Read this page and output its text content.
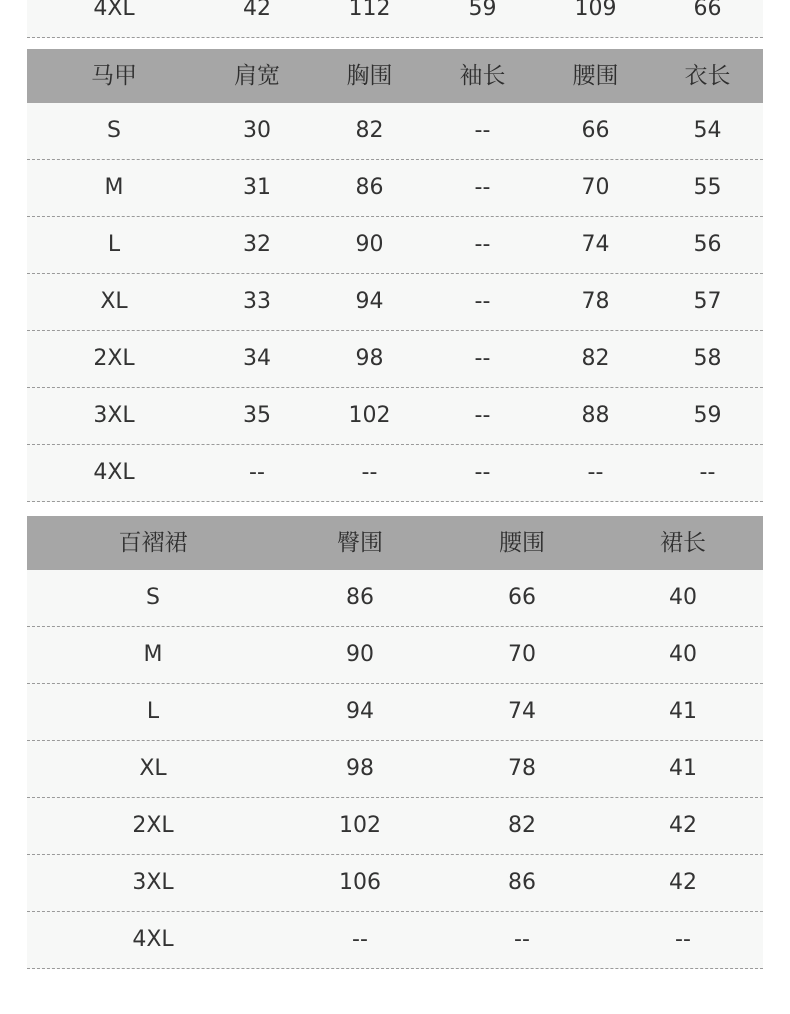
4XL	42	112	59	109	66
马甲	肩宽	胸围	袖长	腰围	衣长
S	30	82	--	66	54
M	31	86	--	70	55
L	32	90	--	74	56
XL	33	94	--	78	57
2XL	34	98	--	82	58
3XL	35	102	--	88	59
4XL	--	--	--	--	--
百褶裙	臀围	腰围	裙长
S	86	66	40
M	90	70	40
L	94	74	41
XL	98	78	41
2XL	102	82	42
3XL	106	86	42
4XL	--	--	--
